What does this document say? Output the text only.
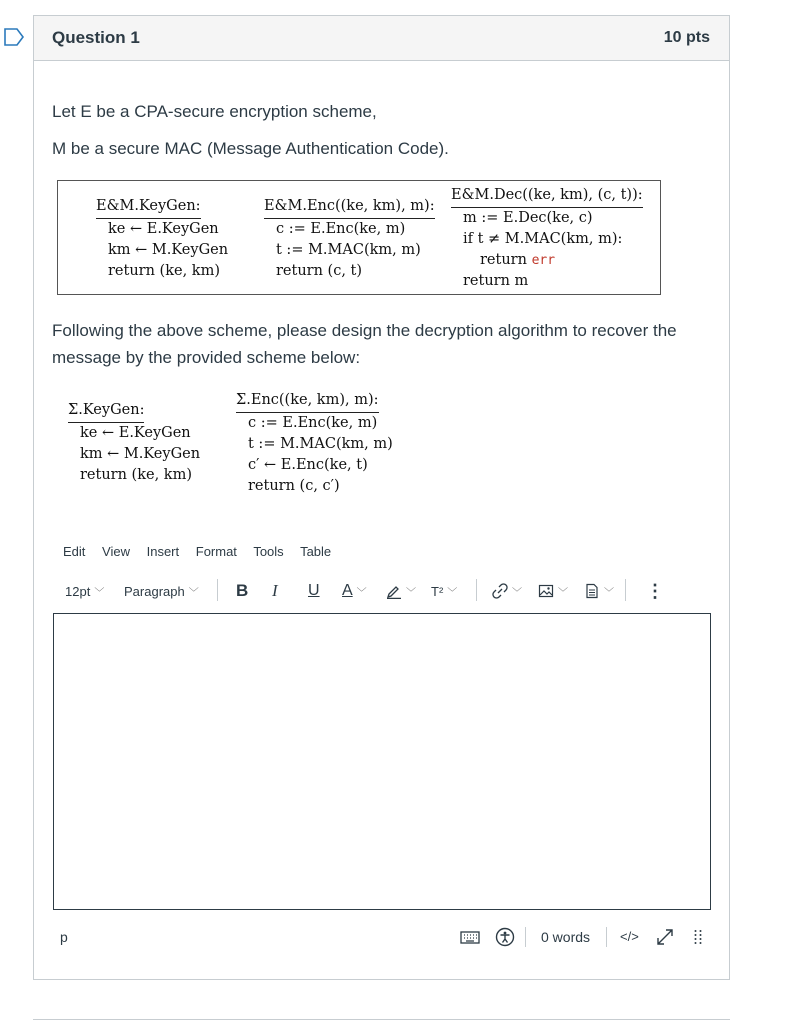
Question 1	10 pts

Let E be a CPA-secure encryption scheme,

M be a secure MAC (Message Authentication Code).

E&M.KeyGen:
ke ← E.KeyGen
km ← M.KeyGen
return (ke, km)
E&M.Enc((ke, km), m):
c := E.Enc(ke, m)
t := M.MAC(km, m)
return (c, t)
E&M.Dec((ke, km), (c, t)):
m := E.Dec(ke, c)
if t ≠ M.MAC(km, m):
return err
return m

Following the above scheme, please design the decryption algorithm to recover the

message by the provided scheme below:

Σ.KeyGen:
ke ← E.KeyGen
km ← M.KeyGen
return (ke, km)
Σ.Enc((ke, km), m):
c := E.Enc(ke, m)
t := M.MAC(km, m)
c′ ← E.Enc(ke, t)
return (c, c′)
Edit View Insert Format Tools Table
12pt ﹀ Paragraph ﹀ B I U A ﹀	﹀ T² ﹀	﹀	﹀	﹀ ⋮
p	0 words </>
